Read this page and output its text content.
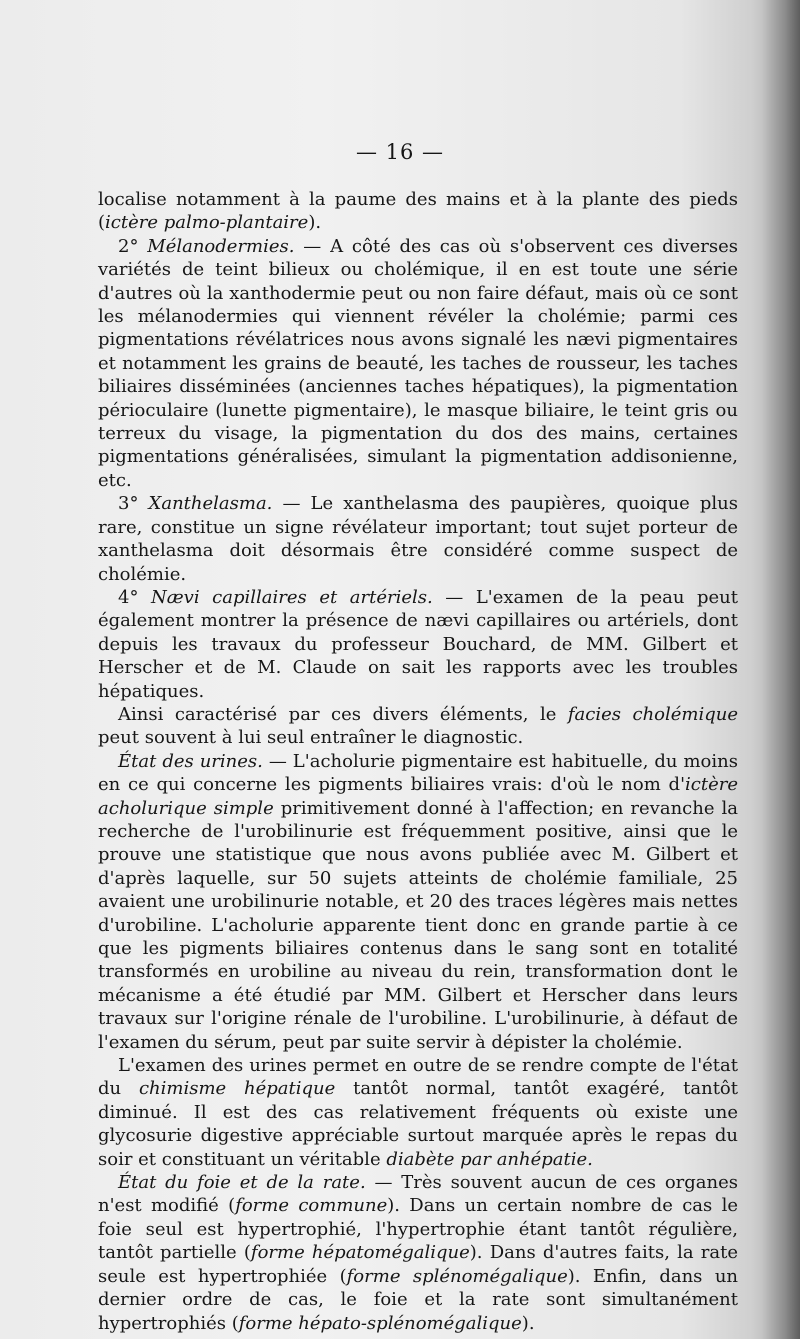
— 16 —

localise notamment à la paume des mains et à la plante des pieds (ictère palmo-plantaire).

2° Mélanodermies. — A côté des cas où s'observent ces diverses variétés de teint bilieux ou cholémique, il en est toute une série d'autres où la xanthodermie peut ou non faire défaut, mais où ce sont les mélanodermies qui viennent révéler la cholémie; parmi ces pigmentations révélatrices nous avons signalé les nævi pigmentaires et notamment les grains de beauté, les taches de rousseur, les taches biliaires disséminées (anciennes taches hépatiques), la pigmentation périoculaire (lunette pigmentaire), le masque biliaire, le teint gris ou terreux du visage, la pigmentation du dos des mains, certaines pigmentations généralisées, simulant la pigmentation addisonienne, etc.

3° Xanthelasma. — Le xanthelasma des paupières, quoique plus rare, constitue un signe révélateur important; tout sujet porteur de xanthelasma doit désormais être considéré comme suspect de cholémie.

4° Nævi capillaires et artériels. — L'examen de la peau peut également montrer la présence de nævi capillaires ou artériels, dont depuis les travaux du professeur Bouchard, de MM. Gilbert et Herscher et de M. Claude on sait les rapports avec les troubles hépatiques.

Ainsi caractérisé par ces divers éléments, le facies cholémique peut souvent à lui seul entraîner le diagnostic.

État des urines. — L'acholurie pigmentaire est habituelle, du moins en ce qui concerne les pigments biliaires vrais: d'où le nom d'ictère acholurique simple primitivement donné à l'affection; en revanche la recherche de l'urobilinurie est fréquemment positive, ainsi que le prouve une statistique que nous avons publiée avec M. Gilbert et d'après laquelle, sur 50 sujets atteints de cholémie familiale, 25 avaient une urobilinurie notable, et 20 des traces légères mais nettes d'urobiline. L'acholurie apparente tient donc en grande partie à ce que les pigments biliaires contenus dans le sang sont en totalité transformés en urobiline au niveau du rein, transformation dont le mécanisme a été étudié par MM. Gilbert et Herscher dans leurs travaux sur l'origine rénale de l'urobiline. L'urobilinurie, à défaut de l'examen du sérum, peut par suite servir à dépister la cholémie.

L'examen des urines permet en outre de se rendre compte de l'état du chimisme hépatique tantôt normal, tantôt exagéré, tantôt diminué. Il est des cas relativement fréquents où existe une glycosurie digestive appréciable surtout marquée après le repas du soir et constituant un véritable diabète par anhépatie.

État du foie et de la rate. — Très souvent aucun de ces organes n'est modifié (forme commune). Dans un certain nombre de cas le foie seul est hypertrophié, l'hypertrophie étant tantôt régulière, tantôt partielle (forme hépatomégalique). Dans d'autres faits, la rate seule est hypertrophiée (forme splénomégalique). Enfin, dans un dernier ordre de cas, le foie et la rate sont simultanément hypertrophiés (forme hépato-splénomégalique).
